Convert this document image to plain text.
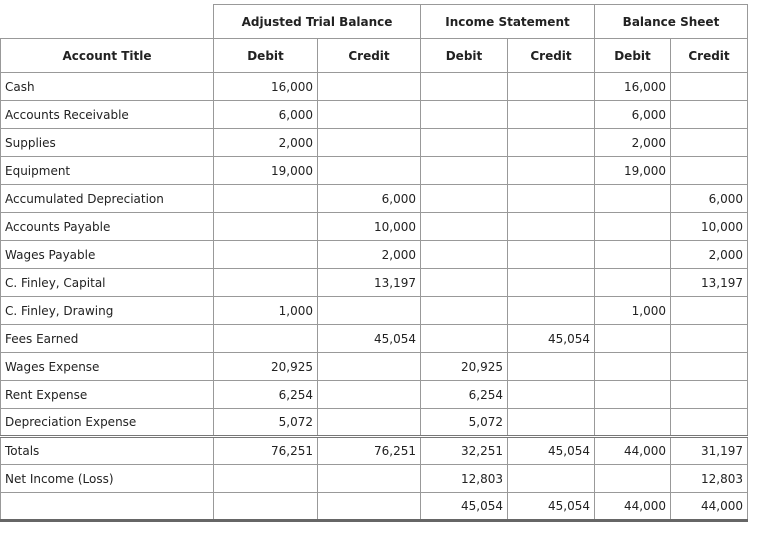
	Adjusted Trial Balance		Income Statement		Balance Sheet	
Account Title	Debit	Credit	Debit	Credit	Debit	Credit
Cash	16,000				16,000	
Accounts Receivable	6,000				6,000	
Supplies	2,000				2,000	
Equipment	19,000				19,000	
Accumulated Depreciation		6,000				6,000
Accounts Payable		10,000				10,000
Wages Payable		2,000				2,000
C. Finley, Capital		13,197				13,197
C. Finley, Drawing	1,000				1,000	
Fees Earned		45,054		45,054		
Wages Expense	20,925		20,925			
Rent Expense	6,254		6,254			
Depreciation Expense	5,072		5,072			
Totals	76,251	76,251	32,251	45,054	44,000	31,197
Net Income (Loss)			12,803			12,803
			45,054	45,054	44,000	44,000
